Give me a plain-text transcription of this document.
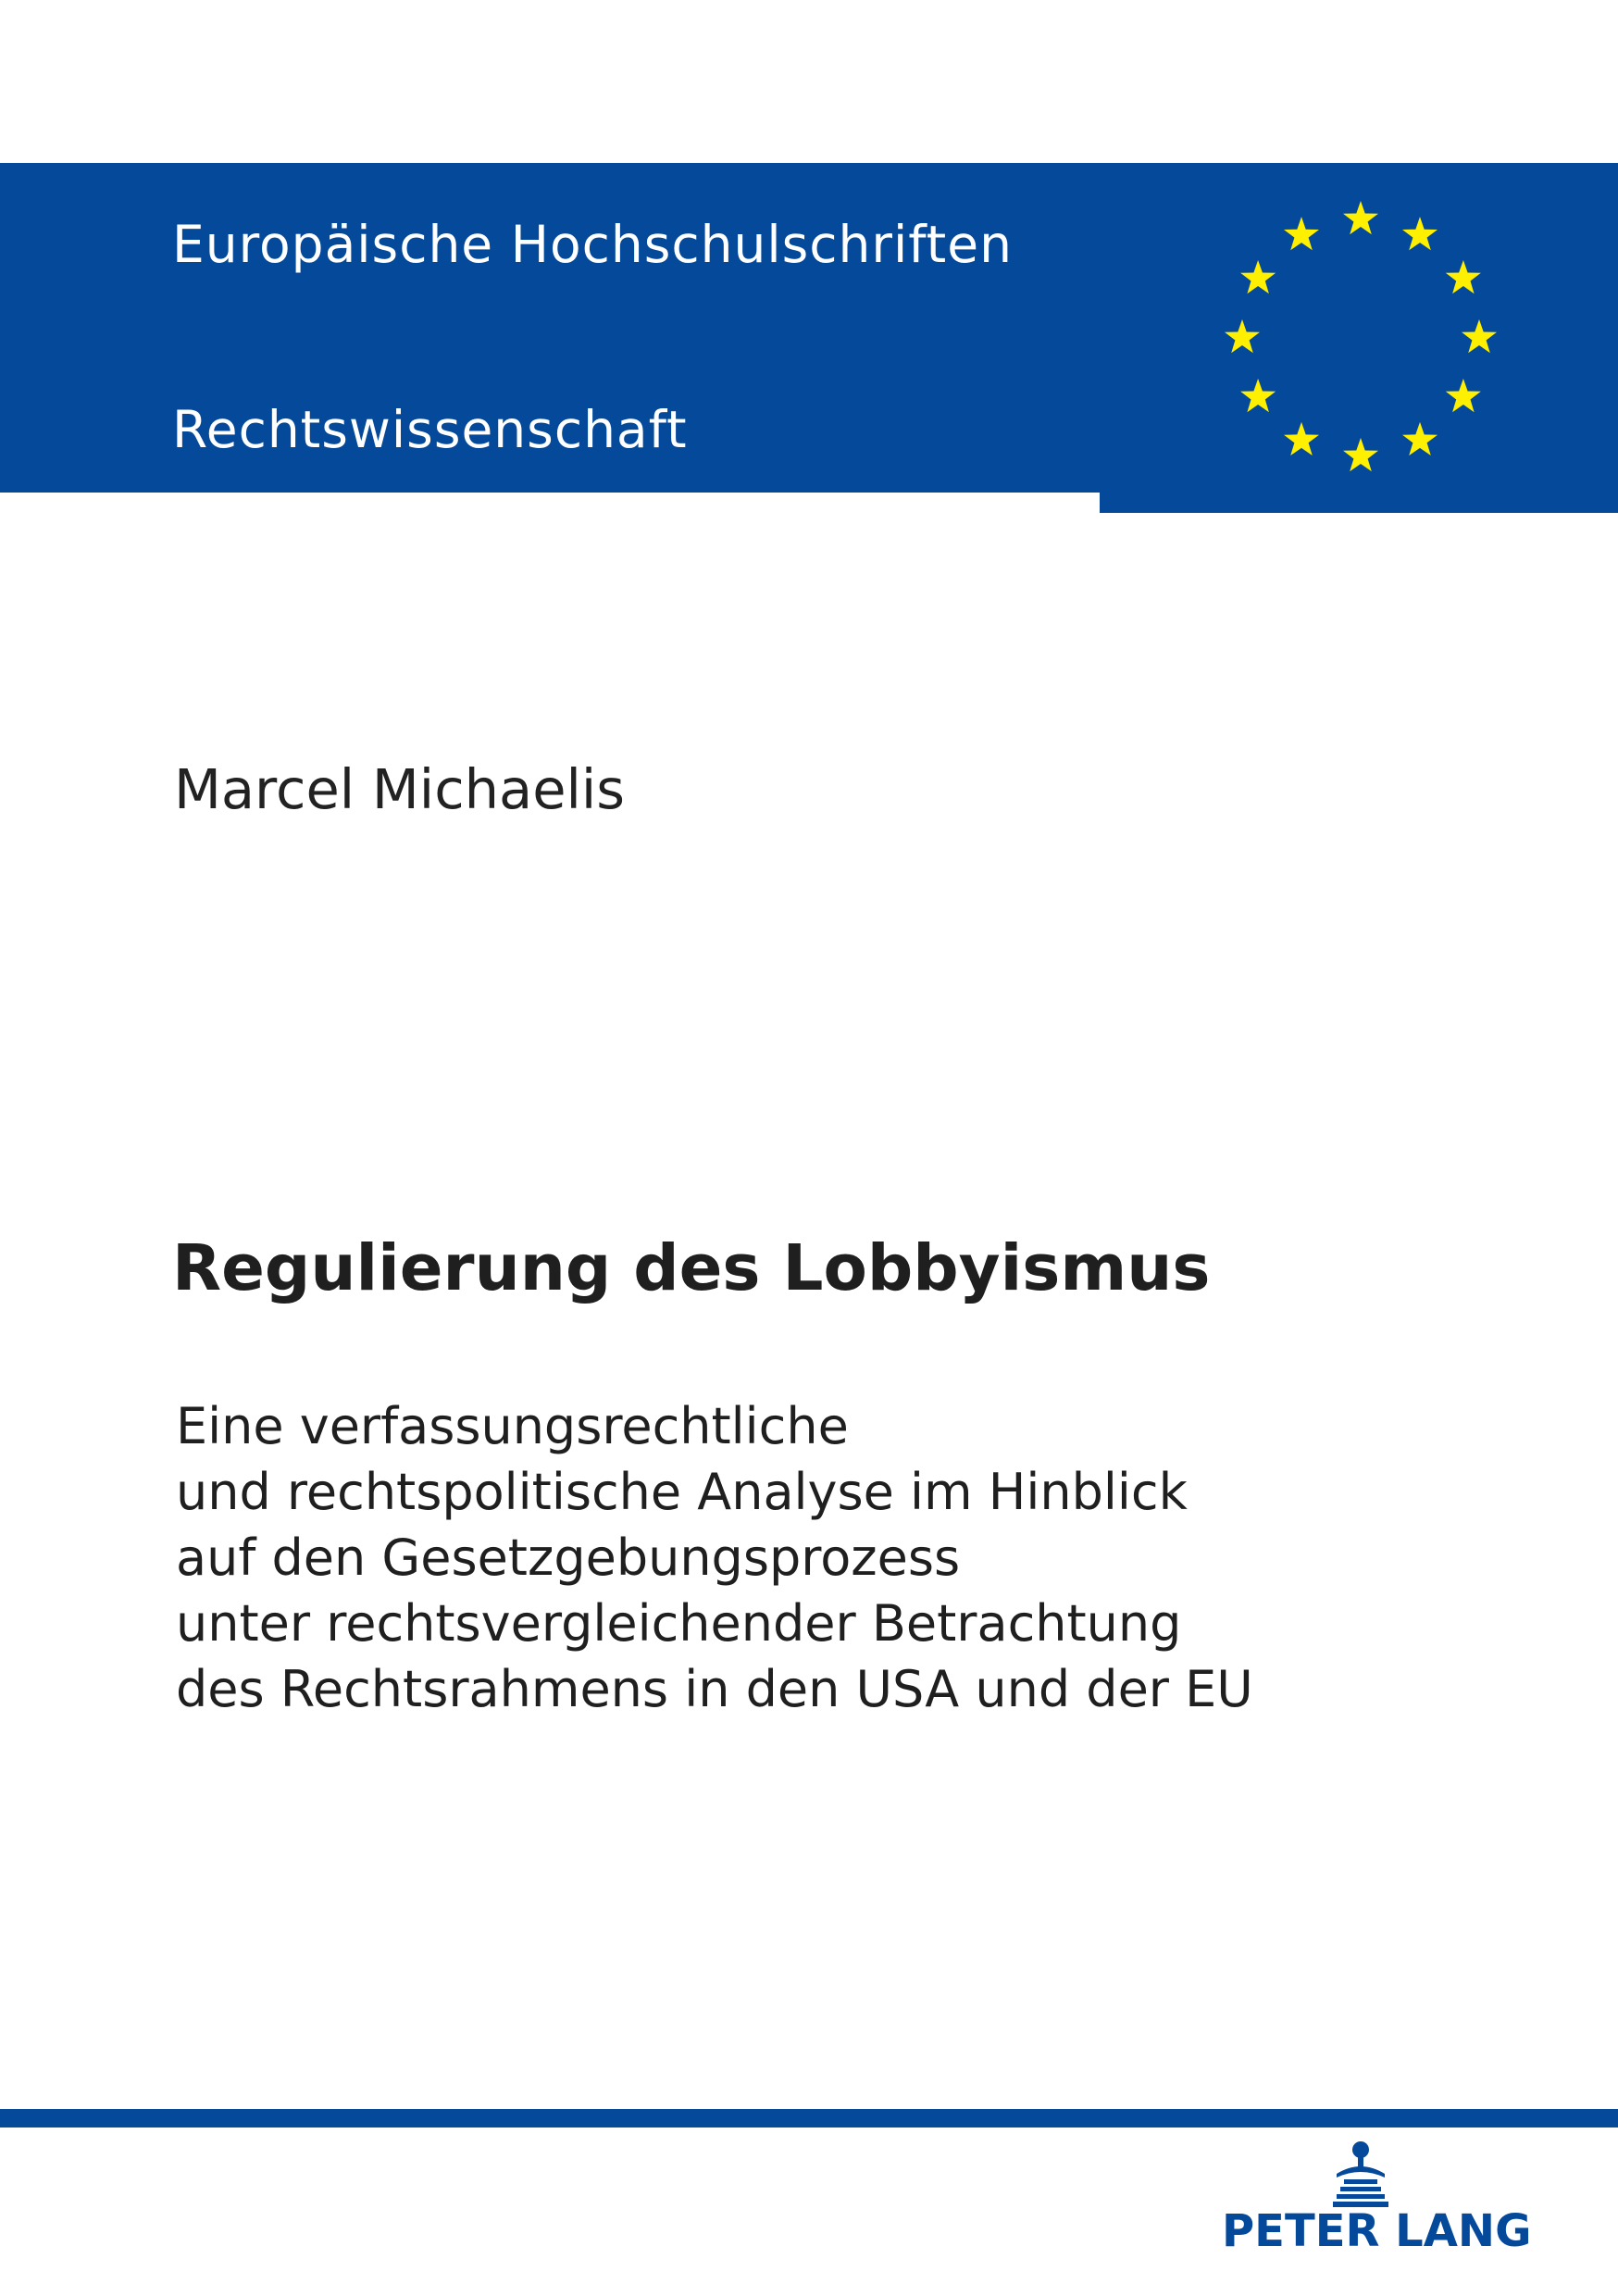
Europäische Hochschulschriften
Rechtswissenschaft
Marcel Michaelis
Regulierung des Lobbyismus
Eine verfassungsrechtliche
und rechtspolitische Analyse im Hinblick
auf den Gesetzgebungsprozess
unter rechtsvergleichender Betrachtung
des Rechtsrahmens in den USA und der EU
PETER LANG
